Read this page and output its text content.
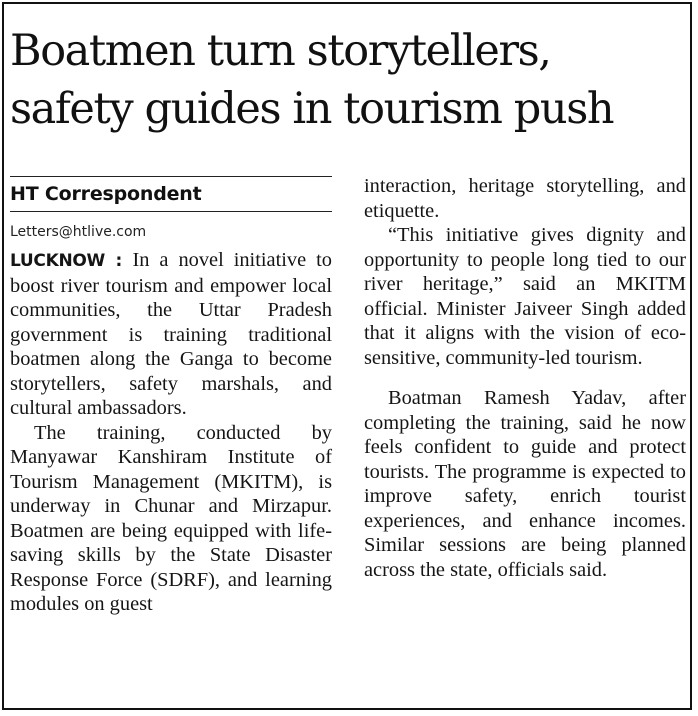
Boatmen turn storytellers,
safety guides in tourism push
HT Correspondent
Letters@htlive.com

LUCKNOW : In a novel initiative to boost river tourism and empower local communities, the Uttar Pradesh government is training traditional boatmen along the Ganga to become storytellers, safety marshals, and cultural ambassadors.

The training, conducted by Manyawar Kanshiram Institute of Tourism Management (MKITM), is underway in Chunar and Mirzapur. Boatmen are being equipped with lifesaving skills by the State Disaster Response Force (SDRF), and learning modules on guest

interaction, heritage storytelling, and etiquette.

“This initiative gives dignity and opportunity to people long tied to our river heritage,” said an MKITM official. Minister Jaiveer Singh added that it aligns with the vision of ecosensitive, community-led tourism.

Boatman Ramesh Yadav, after completing the training, said he now feels confident to guide and protect tourists. The programme is expected to improve safety, enrich tourist experiences, and enhance incomes. Similar sessions are being planned across the state, officials said.
